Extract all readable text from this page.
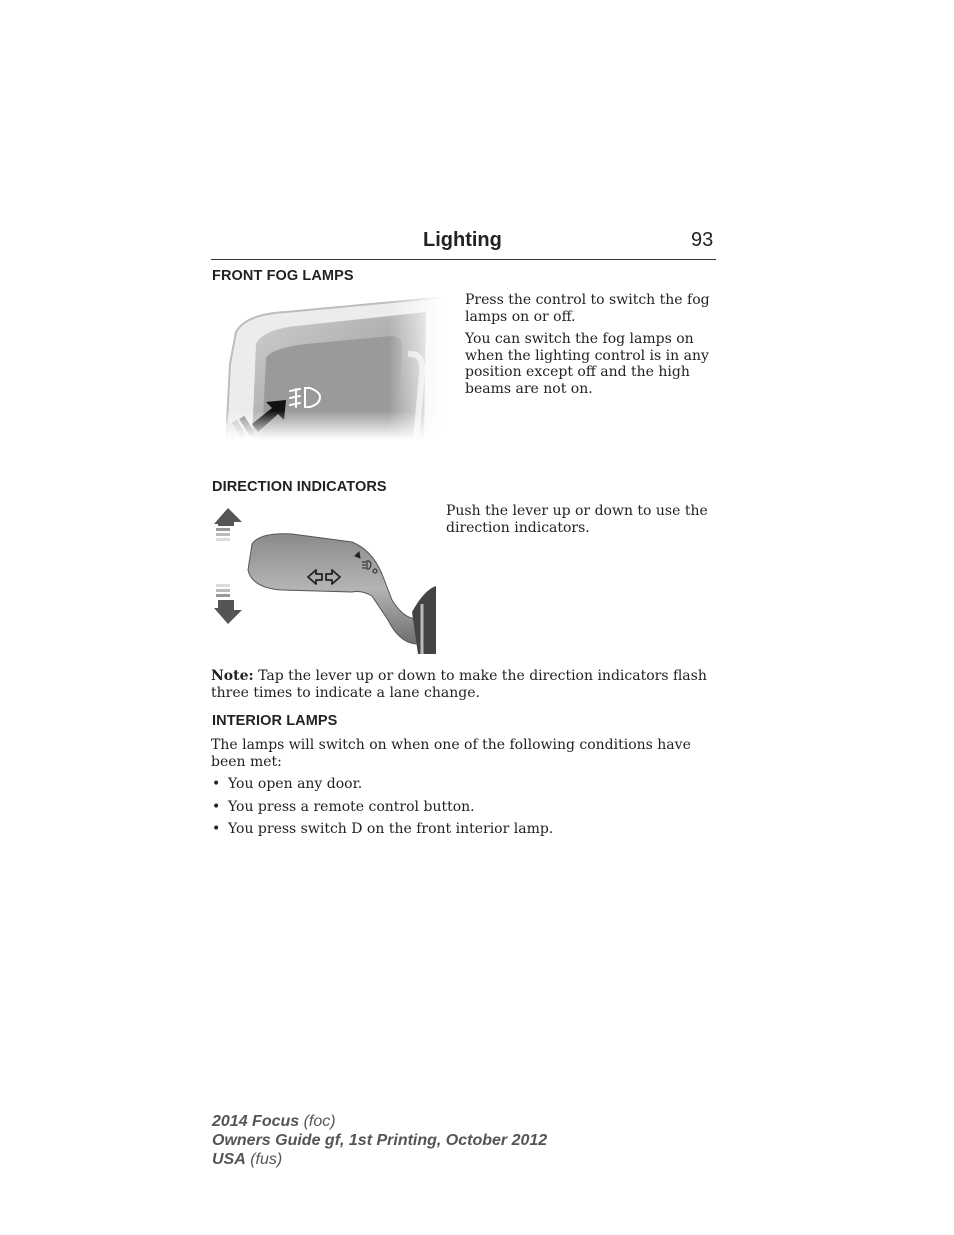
Lighting	93
FRONT FOG LAMPS

Press the control to switch the fog lamps on or off.

You can switch the fog lamps on when the lighting control is in any position except off and the high beams are not on.

DIRECTION INDICATORS

Push the lever up or down to use the direction indicators.

Note: Tap the lever up or down to make the direction indicators flash three times to indicate a lane change.

INTERIOR LAMPS

The lamps will switch on when one of the following conditions have been met:

• You open any door.
• You press a remote control button.
• You press switch D on the front interior lamp.
2014 Focus (foc)
Owners Guide gf, 1st Printing, October 2012
USA (fus)
